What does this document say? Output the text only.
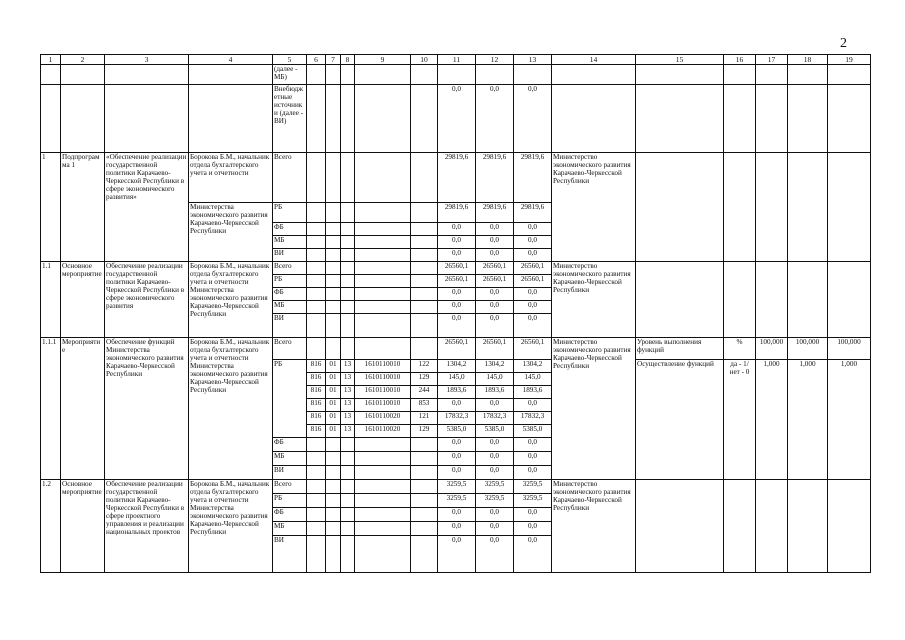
2
1	2	3	4	5	6	7	8	9	10	11	12	13	14	15	16	17	18	19
				(далее - МБ)														
				Внебюджетные источники (далее - ВИ)						0,0	0,0	0,0						
1	Подпрограмма 1	«Обеспечение реализации государственной политики Карачаево-Черкесской Республики в сфере экономического развития»	Борокова Б.М., начальник отдела бухгалтерского учета и отчетности	Всего						29819,6	29819,6	29819,6	Министерство экономического развития Карачаево-Черкесской Республики					
			Министерства экономического развития Карачаево-Черкесской Республики	РБ						29819,6	29819,6	29819,6						
				ФБ						0,0	0,0	0,0						
				МБ						0,0	0,0	0,0						
				ВИ						0,0	0,0	0,0						
1.1	Основное мероприятие	Обеспечение реализации государственной политики Карачаево-Черкесской Республики в сфере экономического развития	Борокова Б.М., начальник отдела бухгалтерского учета и отчетности Министерства экономического развития Карачаево-Черкесской Республики	Всего						26560,1	26560,1	26560,1	Министерство экономического развития Карачаево-Черкесской Республики					
				РБ						26560,1	26560,1	26560,1						
				ФБ						0,0	0,0	0,0						
				МБ						0,0	0,0	0,0						
				ВИ						0,0	0,0	0,0						
1.1.1	Мероприятие	Обеспечение функций Министерства экономического развития Карачаево-Черкесской Республики	Борокова Б.М., начальник отдела бухгалтерского учета и отчетности Министерства экономического развития Карачаево-Черкесской Республики	Всего						26560,1	26560,1	26560,1	Министерство экономического развития Карачаево-Черкесской Республики	Уровень выполнения функций	%	100,000	100,000	100,000
				РБ	816	01	13	1610110010	122	1304,2	1304,2	1304,2		Осуществление функций	да - 1/ нет - 0	1,000	1,000	1,000
					816	01	13	1610110010	129	145,0	145,0	145,0						
					816	01	13	1610110010	244	1893,6	1893,6	1893,6						
					816	01	13	1610110010	853	0,0	0,0	0,0						
					816	01	13	1610110020	121	17832,3	17832,3	17832,3						
					816	01	13	1610110020	129	5385,0	5385,0	5385,0						
				ФБ						0,0	0,0	0,0						
				МБ						0,0	0,0	0,0						
				ВИ						0,0	0,0	0,0						
1.2	Основное мероприятие	Обеспечение реализации государственной политики Карачаево-Черкесской Республики в сфере проектного управления и реализации национальных проектов	Борокова Б.М., начальник отдела бухгалтерского учета и отчетности Министерства экономического развития Карачаево-Черкесской Республики	Всего						3259,5	3259,5	3259,5	Министерство экономического развития Карачаево-Черкесской Республики					
				РБ						3259,5	3259,5	3259,5						
				ФБ						0,0	0,0	0,0						
				МБ						0,0	0,0	0,0						
				ВИ						0,0	0,0	0,0						
